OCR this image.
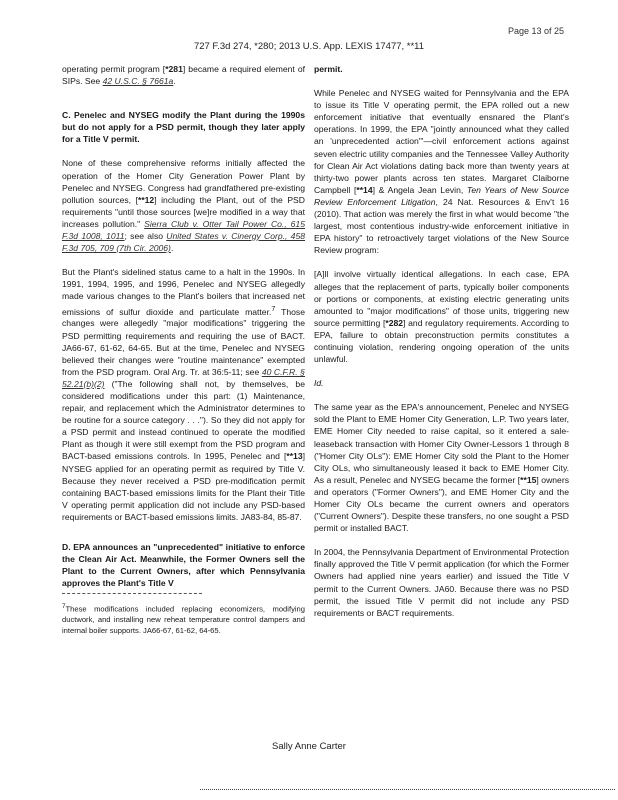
Page 13 of 25
727 F.3d 274, *280; 2013 U.S. App. LEXIS 17477, **11

operating permit program [*281] became a required element of SIPs. See 42 U.S.C. § 7661a.

C. Penelec and NYSEG modify the Plant during the 1990s but do not apply for a PSD permit, though they later apply for a Title V permit.

None of these comprehensive reforms initially affected the operation of the Homer City Generation Power Plant by Penelec and NYSEG. Congress had grandfathered pre-existing pollution sources, [**12] including the Plant, out of the PSD requirements "until those sources [we]re modified in a way that increases pollution." Sierra Club v. Otter Tail Power Co., 615 F.3d 1008, 1011; see also United States v. Cinergy Corp., 458 F.3d 705, 709 (7th Cir. 2006).

But the Plant's sidelined status came to a halt in the 1990s. In 1991, 1994, 1995, and 1996, Penelec and NYSEG allegedly made various changes to the Plant's boilers that increased net emissions of sulfur dioxide and particulate matter.$^7$ Those changes were allegedly "major modifications" triggering the PSD permitting requirements and requiring the use of BACT. JA66-67, 61-62, 64-65. But at the time, Penelec and NYSEG believed their changes were "routine maintenance" exempted from the PSD program. Oral Arg. Tr. at 36:5-11; see 40 C.F.R. § 52.21(b)(2) ("The following shall not, by themselves, be considered modifications under this part: (1) Maintenance, repair, and replacement which the Administrator determines to be routine for a source category . . ."). So they did not apply for a PSD permit and instead continued to operate the modified Plant as though it were still exempt from the PSD program and BACT-based emissions controls. In 1995, Penelec and [**13] NYSEG applied for an operating permit as required by Title V. Because they never received a PSD pre-modification permit containing BACT-based emissions limits for the Plant their Title V operating permit application did not include any PSD-based requirements or BACT-based emissions limits. JA83-84, 85-87.

D. EPA announces an "unprecedented" initiative to enforce the Clean Air Act. Meanwhile, the Former Owners sell the Plant to the Current Owners, after which Pennsylvania approves the Plant's Title V
$^7$These modifications included replacing economizers, modifying ductwork, and installing new reheat temperature control dampers and internal boiler supports. JA66-67, 61-62, 64-65.
permit.

While Penelec and NYSEG waited for Pennsylvania and the EPA to issue its Title V operating permit, the EPA rolled out a new enforcement initiative that eventually ensnared the Plant's operations. In 1999, the EPA "jointly announced what they called an 'unprecedented action'"—civil enforcement actions against seven electric utility companies and the Tennessee Valley Authority for Clean Air Act violations dating back more than twenty years at thirty-two power plants across ten states. Margaret Claiborne Campbell [**14] & Angela Jean Levin, Ten Years of New Source Review Enforcement Litigation, 24 Nat. Resources & Env't 16 (2010). That action was merely the first in what would become "the largest, most contentious industry-wide enforcement initiative in EPA history" to retroactively target violations of the New Source Review program:

[A]ll involve virtually identical allegations. In each case, EPA alleges that the replacement of parts, typically boiler components or portions or components, at existing electric generating units amounted to "major modifications" of those units, triggering new source permitting [*282] and regulatory requirements. According to EPA, failure to obtain preconstruction permits constitutes a continuing violation, rendering ongoing operation of the units unlawful.

Id.

The same year as the EPA's announcement, Penelec and NYSEG sold the Plant to EME Homer City Generation, L.P. Two years later, EME Homer City needed to raise capital, so it entered a sale-leaseback transaction with Homer City Owner-Lessors 1 through 8 ("Homer City OLs"): EME Homer City sold the Plant to the Homer City OLs, who simultaneously leased it back to EME Homer City. As a result, Penelec and NYSEG became the former [**15] owners and operators ("Former Owners"), and EME Homer City and the Homer City OLs became the current owners and operators ("Current Owners"). Despite these transfers, no one sought a PSD permit or installed BACT.

In 2004, the Pennsylvania Department of Environmental Protection finally approved the Title V permit application (for which the Former Owners had applied nine years earlier) and issued the Title V permit to the Current Owners. JA60. Because there was no PSD permit, the issued Title V permit did not include any PSD requirements or BACT requirements.

Sally Anne Carter
